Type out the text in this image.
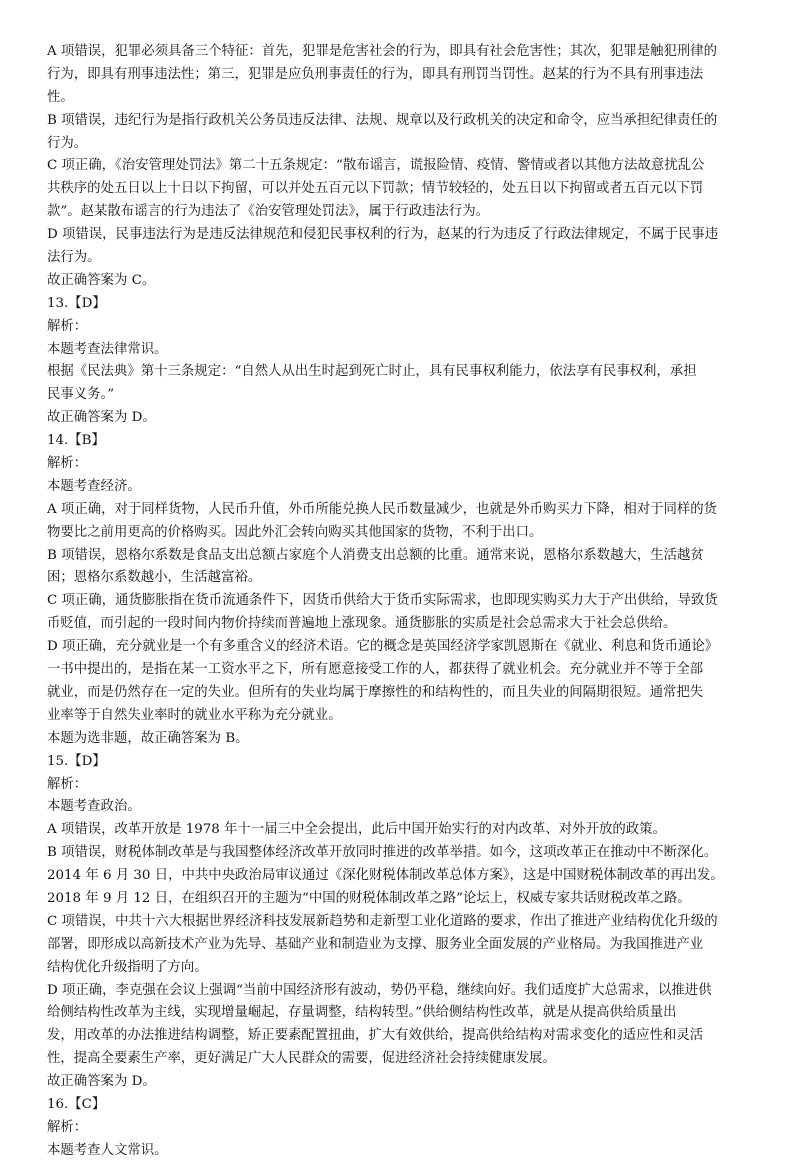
A 项错误，犯罪必须具备三个特征：首先，犯罪是危害社会的行为，即具有社会危害性；其次，犯罪是触犯刑律的
行为，即具有刑事违法性；第三，犯罪是应负刑事责任的行为，即具有刑罚当罚性。赵某的行为不具有刑事违法
性。
B 项错误，违纪行为是指行政机关公务员违反法律、法规、规章以及行政机关的决定和命令，应当承担纪律责任的
行为。
C 项正确，《治安管理处罚法》第二十五条规定：“散布谣言，谎报险情、疫情、警情或者以其他方法故意扰乱公
共秩序的处五日以上十日以下拘留，可以并处五百元以下罚款；情节较轻的，处五日以下拘留或者五百元以下罚
款”。赵某散布谣言的行为违法了《治安管理处罚法》，属于行政违法行为。
D 项错误，民事违法行为是违反法律规范和侵犯民事权利的行为，赵某的行为违反了行政法律规定，不属于民事违
法行为。
故正确答案为 C。
13.【D】
解析：
本题考查法律常识。
根据《民法典》第十三条规定：“自然人从出生时起到死亡时止，具有民事权利能力，依法享有民事权利，承担
民事义务。”
故正确答案为 D。
14.【B】
解析：
本题考查经济。
A 项正确，对于同样货物，人民币升值，外币所能兑换人民币数量减少，也就是外币购买力下降，相对于同样的货
物要比之前用更高的价格购买。因此外汇会转向购买其他国家的货物，不利于出口。
B 项错误，恩格尔系数是食品支出总额占家庭个人消费支出总额的比重。通常来说，恩格尔系数越大，生活越贫
困；恩格尔系数越小，生活越富裕。
C 项正确，通货膨胀指在货币流通条件下，因货币供给大于货币实际需求，也即现实购买力大于产出供给，导致货
币贬值，而引起的一段时间内物价持续而普遍地上涨现象。通货膨胀的实质是社会总需求大于社会总供给。
D 项正确，充分就业是一个有多重含义的经济术语。它的概念是英国经济学家凯恩斯在《就业、利息和货币通论》
一书中提出的，是指在某一工资水平之下，所有愿意接受工作的人，都获得了就业机会。充分就业并不等于全部
就业，而是仍然存在一定的失业。但所有的失业均属于摩擦性的和结构性的，而且失业的间隔期很短。通常把失
业率等于自然失业率时的就业水平称为充分就业。
本题为选非题，故正确答案为 B。
15.【D】
解析：
本题考查政治。
A 项错误，改革开放是 1978 年十一届三中全会提出，此后中国开始实行的对内改革、对外开放的政策。
B 项错误，财税体制改革是与我国整体经济改革开放同时推进的改革举措。如今，这项改革正在推动中不断深化。
2014 年 6 月 30 日，中共中央政治局审议通过《深化财税体制改革总体方案》，这是中国财税体制改革的再出发。
2018 年 9 月 12 日，在组织召开的主题为“中国的财税体制改革之路”论坛上，权威专家共话财税改革之路。
C 项错误，中共十六大根据世界经济科技发展新趋势和走新型工业化道路的要求，作出了推进产业结构优化升级的
部署，即形成以高新技术产业为先导、基础产业和制造业为支撑、服务业全面发展的产业格局。为我国推进产业
结构优化升级指明了方向。
D 项正确，李克强在会议上强调“当前中国经济形有波动，势仍平稳，继续向好。我们适度扩大总需求，以推进供
给侧结构性改革为主线，实现增量崛起，存量调整，结构转型。”供给侧结构性改革，就是从提高供给质量出
发，用改革的办法推进结构调整，矫正要素配置扭曲，扩大有效供给，提高供给结构对需求变化的适应性和灵活
性，提高全要素生产率，更好满足广大人民群众的需要，促进经济社会持续健康发展。
故正确答案为 D。
16.【C】
解析：
本题考查人文常识。
